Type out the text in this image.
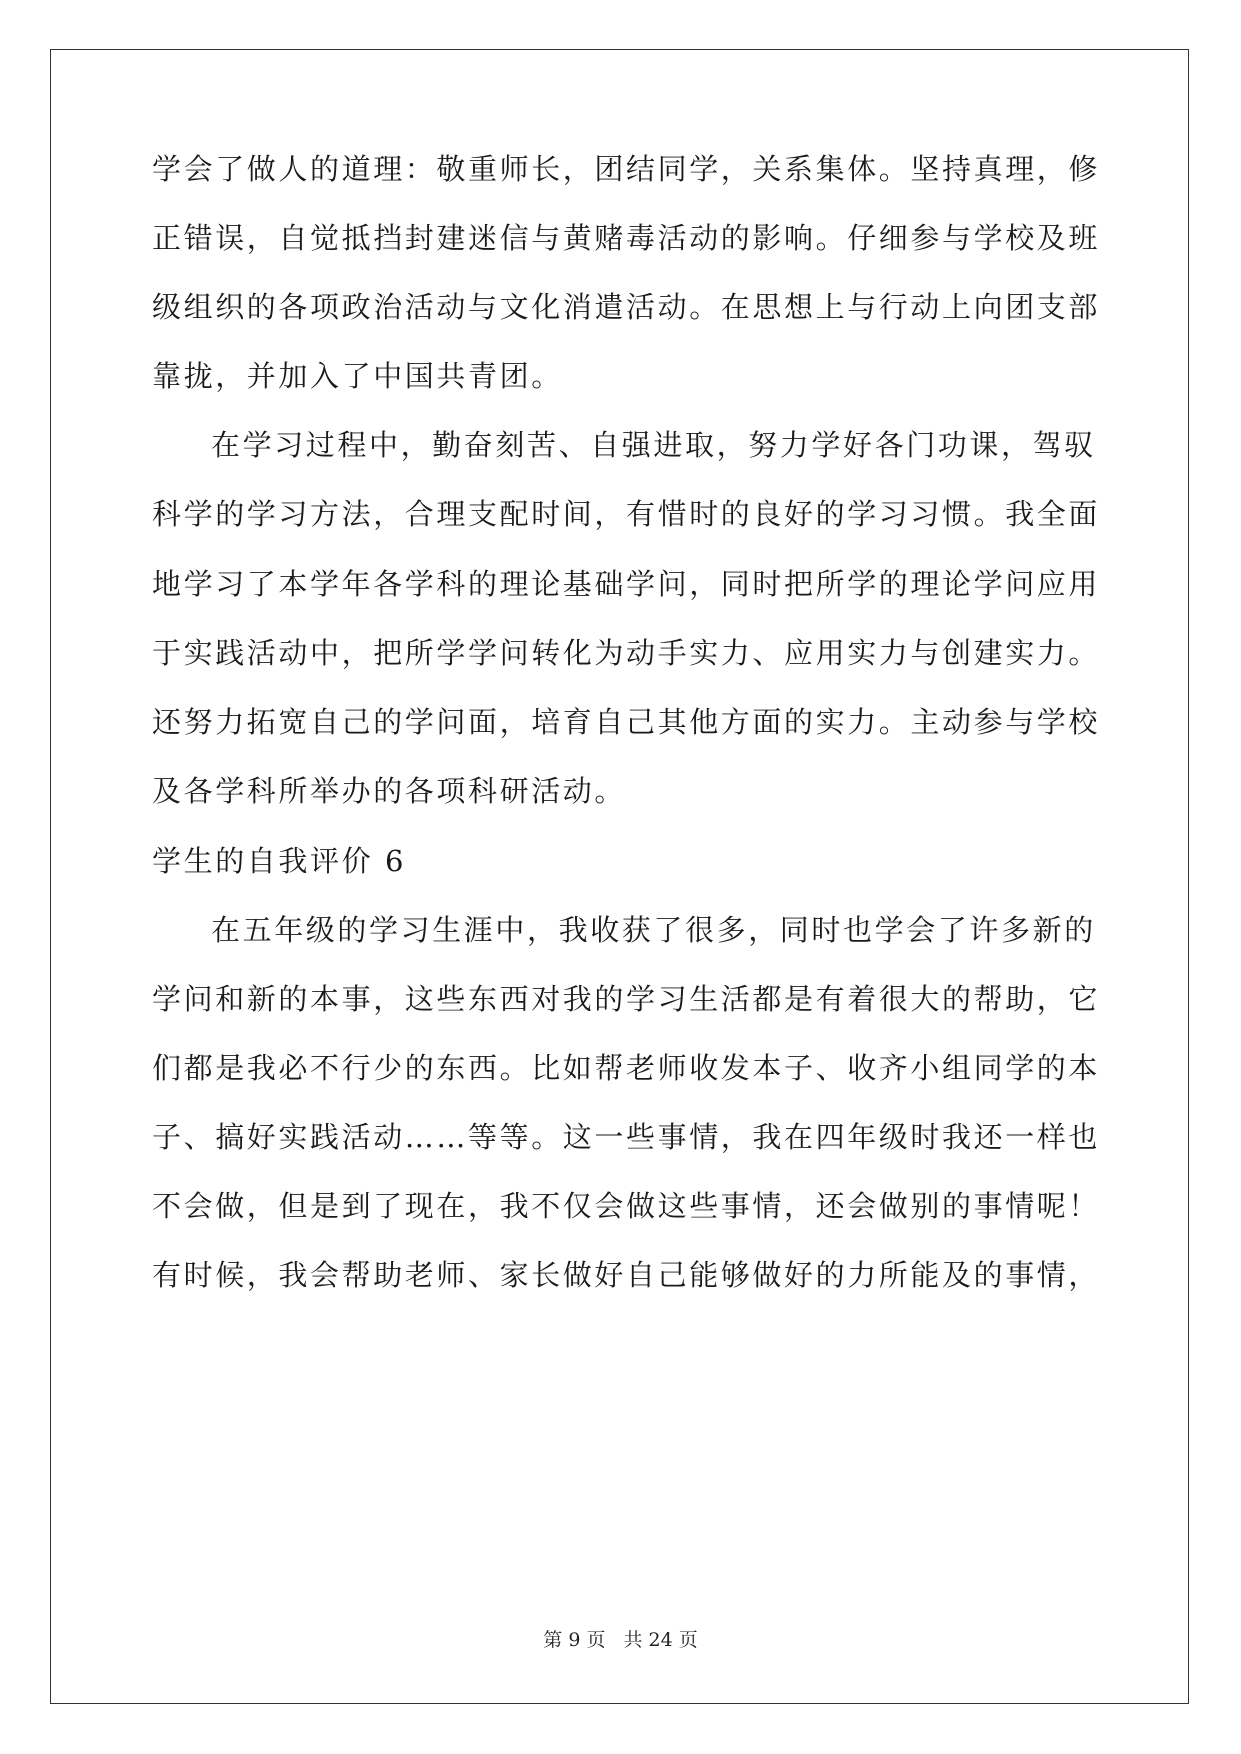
学会了做人的道理：敬重师长，团结同学，关系集体。坚持真理，修
正错误，自觉抵挡封建迷信与黄赌毒活动的影响。仔细参与学校及班
级组织的各项政治活动与文化消遣活动。在思想上与行动上向团支部
靠拢，并加入了中国共青团。
在学习过程中，勤奋刻苦、自强进取，努力学好各门功课，驾驭
科学的学习方法，合理支配时间，有惜时的良好的学习习惯。我全面
地学习了本学年各学科的理论基础学问，同时把所学的理论学问应用
于实践活动中，把所学学问转化为动手实力、应用实力与创建实力。
还努力拓宽自己的学问面，培育自己其他方面的实力。主动参与学校
及各学科所举办的各项科研活动。
学生的自我评价 6
在五年级的学习生涯中，我收获了很多，同时也学会了许多新的
学问和新的本事，这些东西对我的学习生活都是有着很大的帮助，它
们都是我必不行少的东西。比如帮老师收发本子、收齐小组同学的本
子、搞好实践活动……等等。这一些事情，我在四年级时我还一样也
不会做，但是到了现在，我不仅会做这些事情，还会做别的事情呢！
有时候，我会帮助老师、家长做好自己能够做好的力所能及的事情，
第 9 页 共 24 页
